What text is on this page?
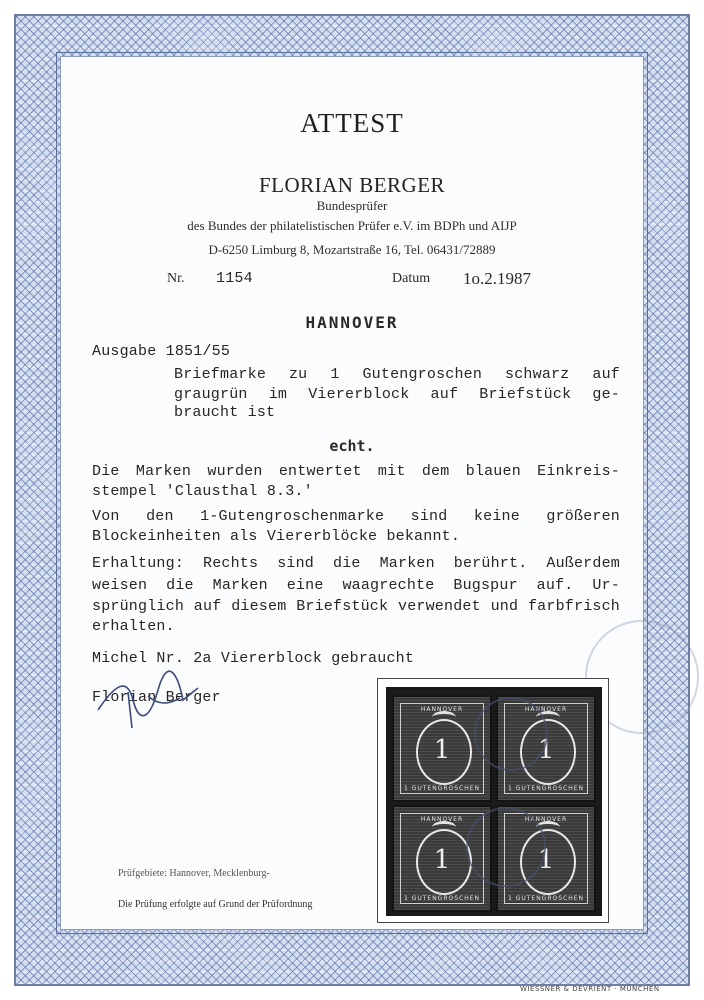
ATTEST

FLORIAN BERGER

Bundesprüfer

des Bundes der philatelistischen Prüfer e.V. im BDPh und AIJP

D-6250 Limburg 8, Mozartstraße 16, Tel. 06431/72889

Nr. 1154	Datum 1o.2.1987

HANNOVER

Ausgabe 1851/55

Briefmarke zu 1 Gutengroschen schwarz auf

graugrün im Viererblock auf Briefstück ge-

braucht ist

echt.

Die Marken wurden entwertet mit dem blauen Einkreis-

stempel 'Clausthal 8.3.'

Von den 1-Gutengroschenmarke sind keine größeren

Blockeinheiten als Viererblöcke bekannt.

Erhaltung: Rechts sind die Marken berührt. Außerdem

weisen die Marken eine waagrechte Bugspur auf. Ur-

sprünglich auf diesem Briefstück verwendet und farbfrisch

erhalten.

Michel Nr. 2a Viererblock gebraucht

Florian Berger

HANNOVER
1
1 GUTENGROSCHEN
HANNOVER
1
1 GUTENGROSCHEN
HANNOVER
1
1 GUTENGROSCHEN
HANNOVER
1
1 GUTENGROSCHEN

Prüfgebiete: Hannover, Mecklenburg-

Die Prüfung erfolgte auf Grund der Prüfordnung

WIESSNER & DEVRIENT · MÜNCHEN
